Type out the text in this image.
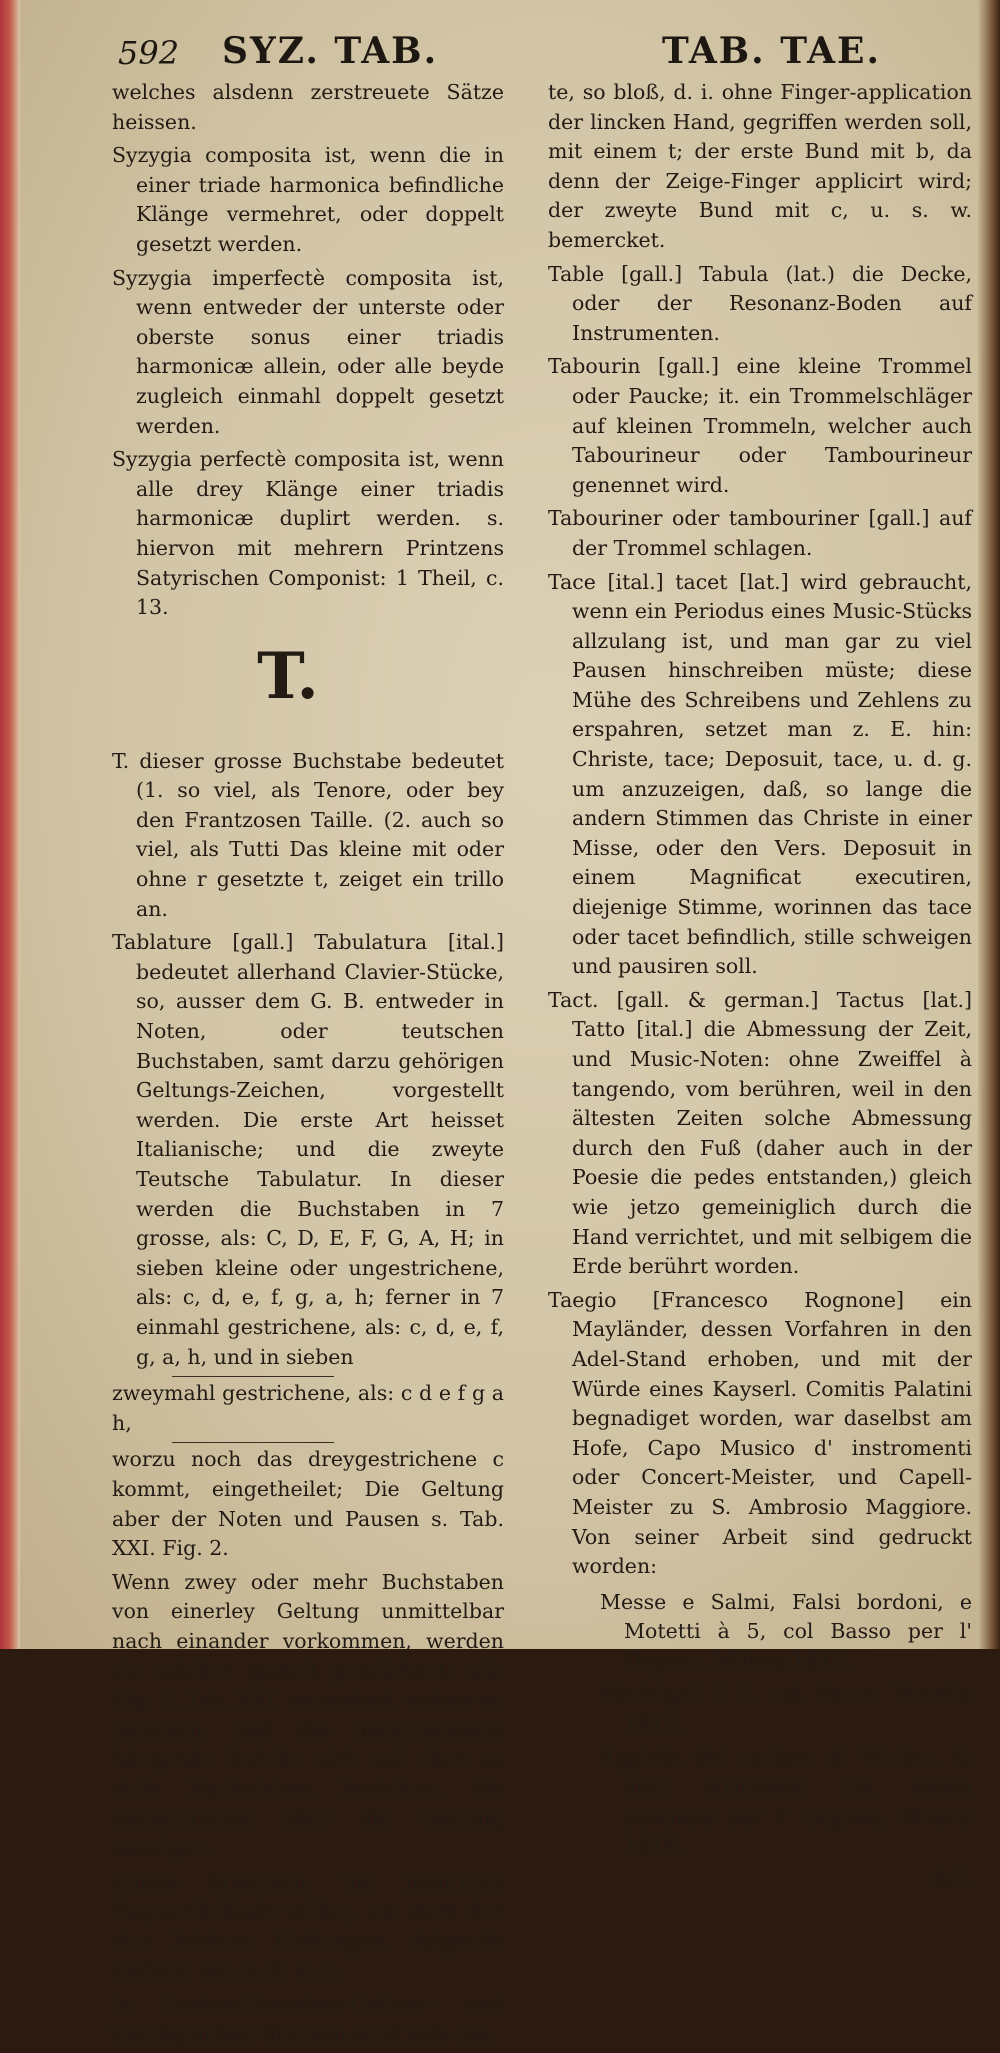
592 SYZ. TAB.	TAB. TAE.

welches alsdenn zerstreuete Sätze heissen.

Syzygia composita ist, wenn die in einer triade harmonica befindliche Klänge vermehret, oder doppelt gesetzt werden.

Syzygia imperfectè composita ist, wenn entweder der unterste oder oberste sonus einer triadis harmonicæ allein, oder alle beyde zugleich einmahl doppelt gesetzt werden.

Syzygia perfectè composita ist, wenn alle drey Klänge einer triadis harmonicæ duplirt werden. s. hiervon mit mehrern Printzens Satyrischen Componist: 1 Theil, c. 13.

T.

T. dieser grosse Buchstabe bedeutet (1. so viel, als Tenore, oder bey den Frantzosen Taille. (2. auch so viel, als Tutti Das kleine mit oder ohne r gesetzte t, zeiget ein trillo an.

Tablature [gall.] Tabulatura [ital.] bedeutet allerhand Clavier-Stücke, so, ausser dem G. B. entweder in Noten, oder teutschen Buchstaben, samt darzu gehörigen Geltungs-Zeichen, vorgestellt werden. Die erste Art heisset Italianische; und die zweyte Teutsche Tabulatur. In dieser werden die Buchstaben in 7 grosse, als: C, D, E, F, G, A, H; in sieben kleine oder ungestrichene, als: c, d, e, f, g, a, h; ferner in 7 einmahl gestrichene, als: c, d, e, f, g, a, h, und in sieben

zweymahl gestrichene, als: c d e f g a h,

worzu noch das dreygestrichene c kommt, eingetheilet; Die Geltung aber der Noten und Pausen s. Tab. XXI. Fig. 2.

Wenn zwey oder mehr Buchstaben von einerley Geltung unmittelbar nach einander vorkommen, werden sie solcher gestalt gezeichnet: wie Fig. 3. Tab. XXI. ausweiset, wobey zu mercken, daß die herunterwerts hängende Striche sich auf eben so viele Buchstaben beziehen, die queer-striche aber die Geltung anzeigen.

Einige brauchen, um mehrerer Bequemlichkeit willen, an statt der vier letztern Gattungen, folgende Ziefern, als: 2. 3. 4. 5.

In Lauten-Theorben-Guitarr- und Violdigamben-Stücken wird jede Sai-

te, so bloß, d. i. ohne Finger-application der lincken Hand, gegriffen werden soll, mit einem t; der erste Bund mit b, da denn der Zeige-Finger applicirt wird; der zweyte Bund mit c, u. s. w. bemercket.

Table [gall.] Tabula (lat.) die Decke, oder der Resonanz-Boden auf Instrumenten.

Tabourin [gall.] eine kleine Trommel oder Paucke; it. ein Trommelschläger auf kleinen Trommeln, welcher auch Tabourineur oder Tambourineur genennet wird.

Tabouriner oder tambouriner [gall.] auf der Trommel schlagen.

Tace [ital.] tacet [lat.] wird gebraucht, wenn ein Periodus eines Music-Stücks allzulang ist, und man gar zu viel Pausen hinschreiben müste; diese Mühe des Schreibens und Zehlens zu erspahren, setzet man z. E. hin: Christe, tace; Deposuit, tace, u. d. g. um anzuzeigen, daß, so lange die andern Stimmen das Christe in einer Misse, oder den Vers. Deposuit in einem Magnificat executiren, diejenige Stimme, worinnen das tace oder tacet befindlich, stille schweigen und pausiren soll.

Tact. [gall. & german.] Tactus [lat.] Tatto [ital.] die Abmessung der Zeit, und Music-Noten: ohne Zweiffel à tangendo, vom berühren, weil in den ältesten Zeiten solche Abmessung durch den Fuß (daher auch in der Poesie die pedes entstanden,) gleich wie jetzo gemeiniglich durch die Hand verrichtet, und mit selbigem die Erde berührt worden.

Taegio [Francesco Rognone] ein Mayländer, dessen Vorfahren in den Adel-Stand erhoben, und mit der Würde eines Kayserl. Comitis Palatini begnadiget worden, war daselbst am Hofe, Capo Musico d' instromenti oder Concert-Meister, und Capell-Meister zu S. Ambrosio Maggiore. Von seiner Arbeit sind gedruckt worden:

Messe e Salmi, Falsi bordoni, e Motetti à 5, col Basso per l' Organo. Milano 1610.
Madrigali à 5. col Basso. Venetia 1613.
Agginta del scolaro di Violino, & altri strumenti col Basso continuo per l' Organo, Milano 1614.

Sel-
